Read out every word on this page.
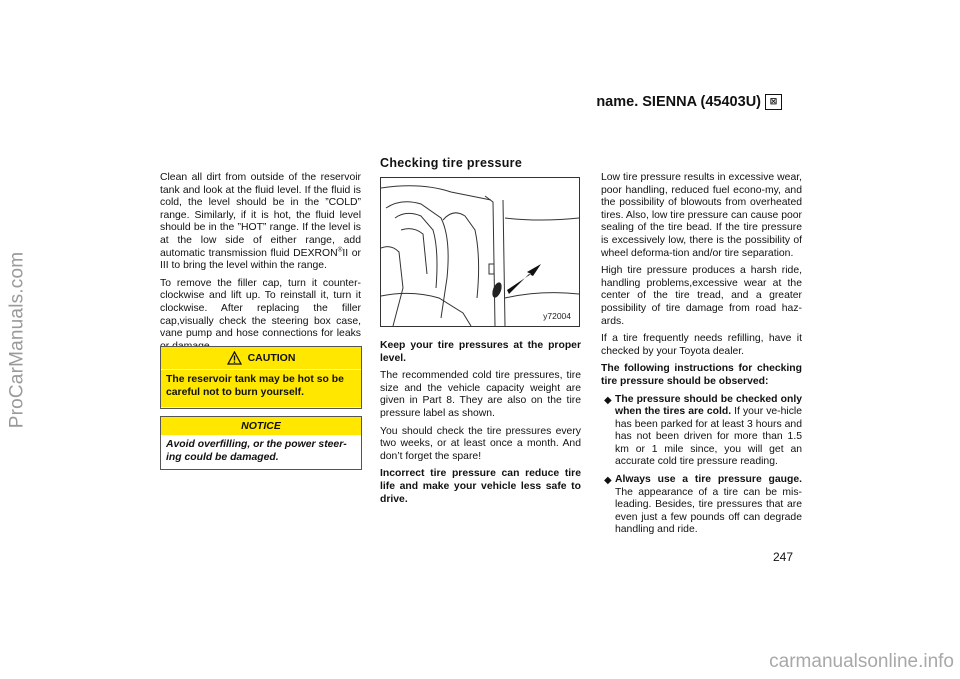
ProCarManuals.com
name. SIENNA (45403U) ⊠

Clean all dirt from outside of the reservoir tank and look at the fluid level. If the fluid is cold, the level should be in the ”COLD” range. Similarly, if it is hot, the fluid level should be in the ”HOT” range. If the level is at the low side of either range, add automatic transmission fluid DEXRON®II or III to bring the level within the range.

To remove the filler cap, turn it counter-clockwise and lift up. To reinstall it, turn it clockwise. After replacing the filler cap,visually check the steering box case, vane pump and hose connections for leaks

CAUTION
The reservoir tank may be hot so be careful not to burn yourself.
NOTICE
Avoid overfilling, or the power steer-ing could be damaged.
Checking tire pressure
y72004

Keep your tire pressures at the proper level.

The recommended cold tire pressures, tire size and the vehicle capacity weight are given in Part 8. They are also on the tire pressure label as shown.

You should check the tire pressures every two weeks, or at least once a month. And don’t forget the spare!

Incorrect tire pressure can reduce tire life and make your vehicle less safe to drive.

Low tire pressure results in excessive wear, poor handling, reduced fuel econo-my, and the possibility of blowouts from overheated tires. Also, low tire pressure can cause poor sealing of the tire bead. If the tire pressure is excessively low, there is the possibility of wheel deforma-tion and/or tire separation.

High tire pressure produces a harsh ride, handling problems,excessive wear at the center of the tire tread, and a greater possibility of tire damage from road haz-ards.

If a tire frequently needs refilling, have it checked by your Toyota dealer.

The following instructions for checking tire pressure should be observed:

◆ The pressure should be checked only when the tires are cold. If your ve-hicle has been parked for at least 3 hours and has not been driven for more than 1.5 km or 1 mile since, you will get an accurate cold tire pressure reading.
◆ Always use a tire pressure gauge. The appearance of a tire can be mis-leading. Besides, tire pressures that are even just a few pounds off can degrade handling and ride.
247
carmanualsonline.info
